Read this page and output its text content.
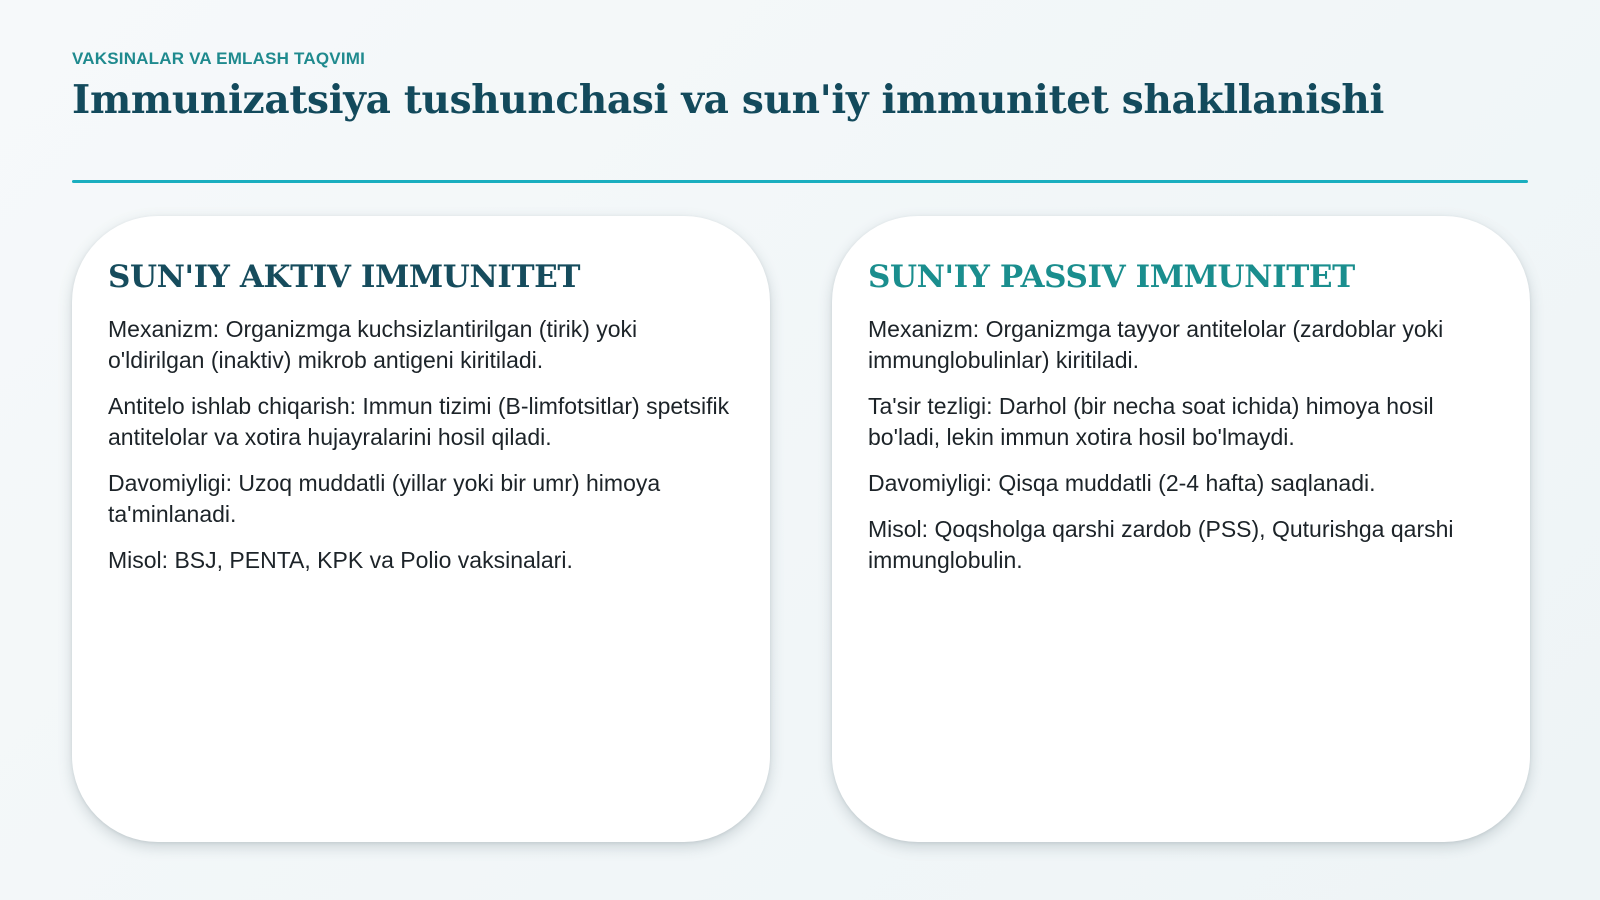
VAKSINALAR VA EMLASH TAQVIMI
Immunizatsiya tushunchasi va sun'iy immunitet shakllanishi
SUN'IY AKTIV IMMUNITET

Mexanizm: Organizmga kuchsizlantirilgan (tirik) yoki o'ldirilgan (inaktiv) mikrob antigeni kiritiladi.

Antitelo ishlab chiqarish: Immun tizimi (B-limfotsitlar) spetsifik antitelolar va xotira hujayralarini hosil qiladi.

Davomiyligi: Uzoq muddatli (yillar yoki bir umr) himoya ta'minlanadi.

Misol: BSJ, PENTA, KPK va Polio vaksinalari.

SUN'IY PASSIV IMMUNITET

Mexanizm: Organizmga tayyor antitelolar (zardoblar yoki immunglobulinlar) kiritiladi.

Ta'sir tezligi: Darhol (bir necha soat ichida) himoya hosil bo'ladi, lekin immun xotira hosil bo'lmaydi.

Davomiyligi: Qisqa muddatli (2-4 hafta) saqlanadi.

Misol: Qoqsholga qarshi zardob (PSS), Quturishga qarshi immunglobulin.
